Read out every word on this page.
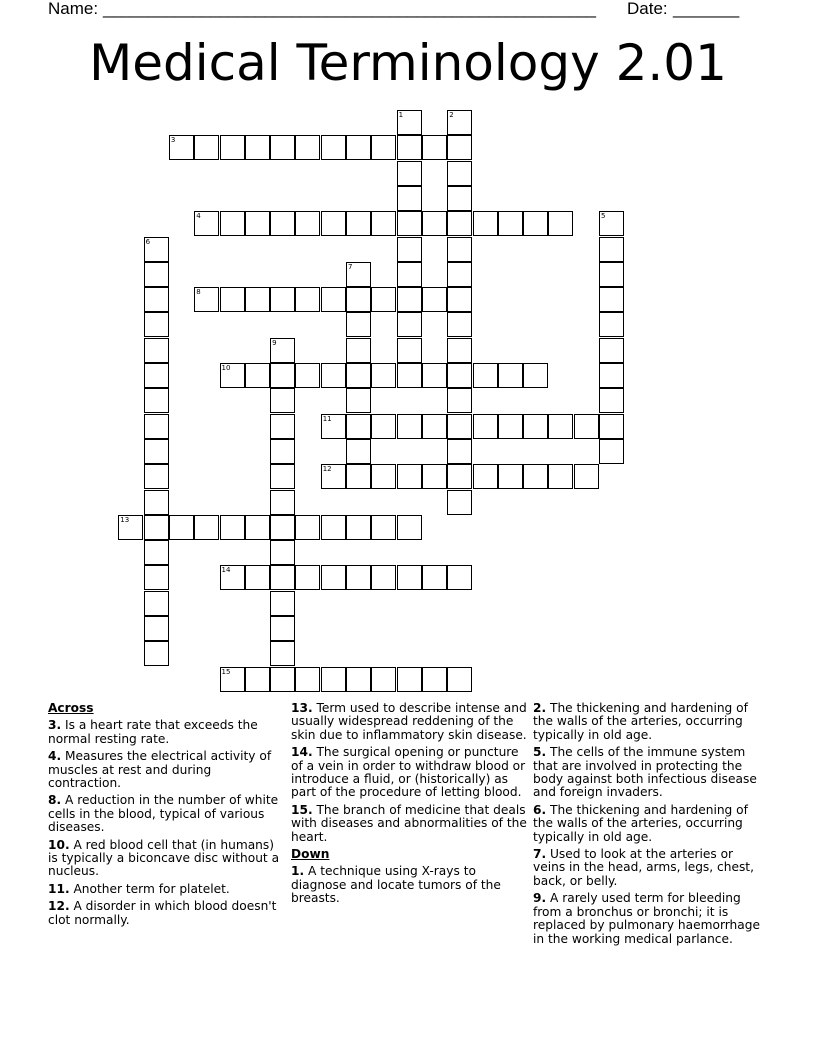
Name: _______________________________________________________ Date: _______
Medical Terminology 2.01
1	2
3
4	5
6
7
8
9
10
11
12
13
14
15
Across
3. Is a heart rate that exceeds the normal resting rate.
4. Measures the electrical activity of muscles at rest and during contraction.
8. A reduction in the number of white cells in the blood, typical of various diseases.
10. A red blood cell that (in humans) is typically a biconcave disc without a nucleus.
11. Another term for platelet.
12. A disorder in which blood doesn't clot normally.
13. Term used to describe intense and usually widespread reddening of the skin due to inflammatory skin disease.
14. The surgical opening or puncture of a vein in order to withdraw blood or introduce a fluid, or (historically) as part of the procedure of letting blood.
15. The branch of medicine that deals with diseases and abnormalities of the heart.
Down
1. A technique using X-rays to diagnose and locate tumors of the breasts.
2. The thickening and hardening of the walls of the arteries, occurring typically in old age.
5. The cells of the immune system that are involved in protecting the body against both infectious disease and foreign invaders.
6. The thickening and hardening of the walls of the arteries, occurring typically in old age.
7. Used to look at the arteries or veins in the head, arms, legs, chest, back, or belly.
9. A rarely used term for bleeding from a bronchus or bronchi; it is replaced by pulmonary haemorrhage in the working medical parlance.
